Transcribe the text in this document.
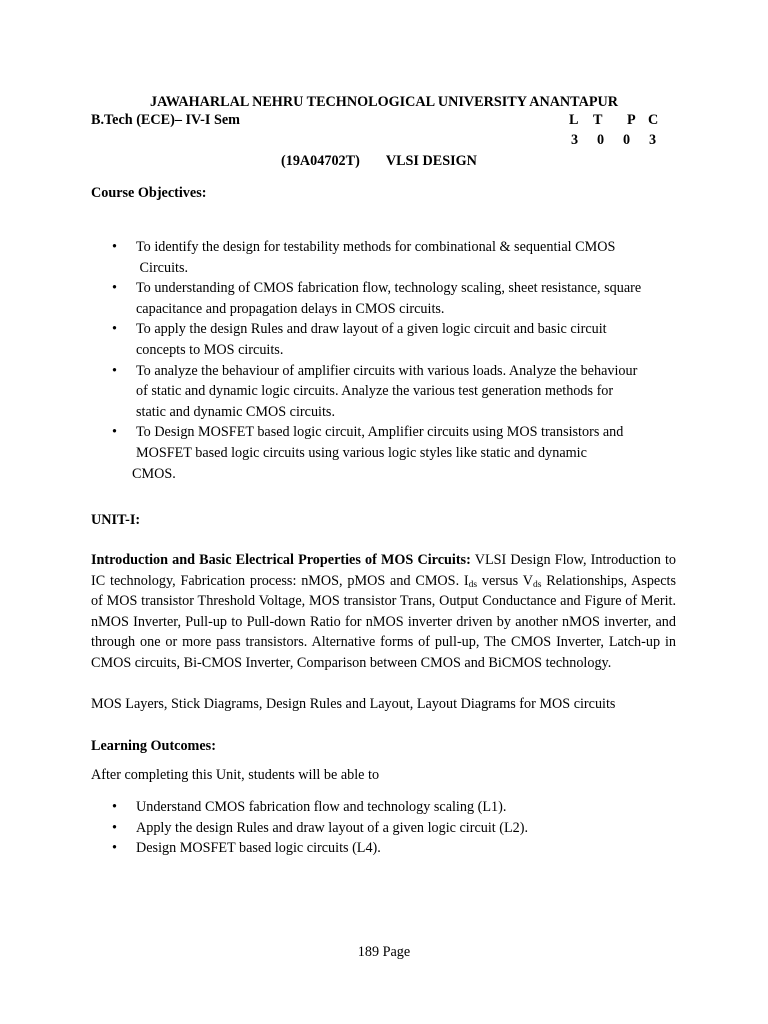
JAWAHARLAL NEHRU TECHNOLOGICAL UNIVERSITY ANANTAPUR
B.Tech (ECE)– IV-I Sem	L T P C
3 0 0 3
(19A04702T) VLSI DESIGN
Course Objectives:
• To identify the design for testability methods for combinational & sequential CMOS
Circuits.
• To understanding of CMOS fabrication flow, technology scaling, sheet resistance, square
capacitance and propagation delays in CMOS circuits.
• To apply the design Rules and draw layout of a given logic circuit and basic circuit
concepts to MOS circuits.
• To analyze the behaviour of amplifier circuits with various loads. Analyze the behaviour
of static and dynamic logic circuits. Analyze the various test generation methods for
static and dynamic CMOS circuits.
• To Design MOSFET based logic circuit, Amplifier circuits using MOS transistors and
MOSFET based logic circuits using various logic styles like static and dynamic
CMOS.
UNIT-I:
Introduction and Basic Electrical Properties of MOS Circuits: VLSI Design Flow, Introduction to IC technology, Fabrication process: nMOS, pMOS and CMOS. $I_{ds}$ versus $V_{ds}$ Relationships, Aspects of MOS transistor Threshold Voltage, MOS transistor Trans, Output Conductance and Figure of Merit. nMOS Inverter, Pull-up to Pull-down Ratio for nMOS inverter driven by another nMOS inverter, and through one or more pass transistors. Alternative forms of pull-up, The CMOS Inverter, Latch-up in CMOS circuits, Bi-CMOS Inverter, Comparison between CMOS and BiCMOS technology.
MOS Layers, Stick Diagrams, Design Rules and Layout, Layout Diagrams for MOS circuits
Learning Outcomes:
After completing this Unit, students will be able to
• Understand CMOS fabrication flow and technology scaling (L1).
• Apply the design Rules and draw layout of a given logic circuit (L2).
• Design MOSFET based logic circuits (L4).
189 Page
